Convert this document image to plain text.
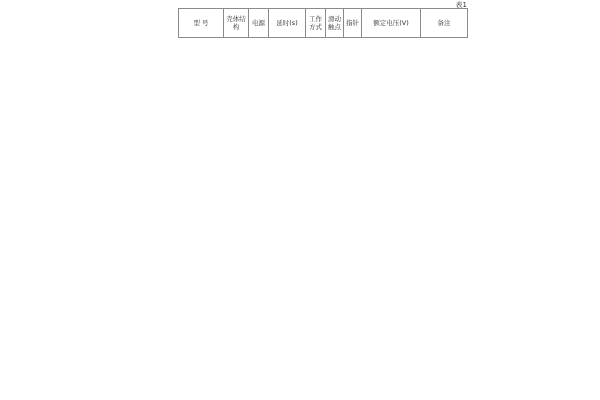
表1
型 号	壳体结构	电源	延时(s)	工作方式	滑动触点	指针	额定电压(V)	备注
